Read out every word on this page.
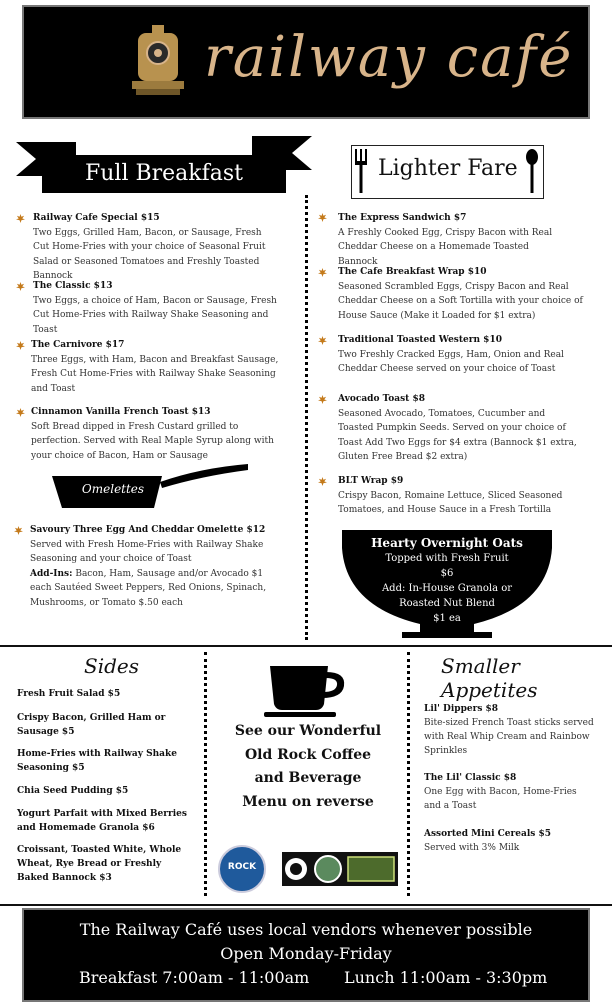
railway café
Full Breakfast	Lighter Fare
Railway Cafe Special $15
Two Eggs, Grilled Ham, Bacon, or Sausage, Fresh Cut Home-Fries with your choice of Seasonal Fruit Salad or Seasoned Tomatoes and Freshly Toasted Bannock
The Classic $13
Two Eggs, a choice of Ham, Bacon or Sausage, Fresh Cut Home-Fries with Railway Shake Seasoning and Toast
The Carnivore $17
Three Eggs, with Ham, Bacon and Breakfast Sausage, Fresh Cut Home-Fries with Railway Shake Seasoning and Toast
Cinnamon Vanilla French Toast $13
Soft Bread dipped in Fresh Custard grilled to perfection. Served with Real Maple Syrup along with your choice of Bacon, Ham or Sausage
Omelettes
Savoury Three Egg And Cheddar Omelette $12
Served with Fresh Home-Fries with Railway Shake Seasoning and your choice of Toast
Add-Ins: Bacon, Ham, Sausage and/or Avocado $1 each Sautéed Sweet Peppers, Red Onions, Spinach, Mushrooms, or Tomato $.50 each
The Express Sandwich $7
A Freshly Cooked Egg, Crispy Bacon with Real Cheddar Cheese on a Homemade Toasted Bannock
The Cafe Breakfast Wrap $10
Seasoned Scrambled Eggs, Crispy Bacon and Real Cheddar Cheese on a Soft Tortilla with your choice of House Sauce (Make it Loaded for $1 extra)
Traditional Toasted Western $10
Two Freshly Cracked Eggs, Ham, Onion and Real Cheddar Cheese served on your choice of Toast
Avocado Toast $8
Seasoned Avocado, Tomatoes, Cucumber and Toasted Pumpkin Seeds. Served on your choice of Toast Add Two Eggs for $4 extra (Bannock $1 extra, Gluten Free Bread $2 extra)
BLT Wrap $9
Crispy Bacon, Romaine Lettuce, Sliced Seasoned Tomatoes, and House Sauce in a Fresh Tortilla
Hearty Overnight Oats
Topped with Fresh Fruit
$6
Add: In-House Granola or Roasted Nut Blend
$1 ea
Sides
Fresh Fruit Salad $5
Crispy Bacon, Grilled Ham or Sausage $5
Home-Fries with Railway Shake Seasoning $5
Chia Seed Pudding $5
Yogurt Parfait with Mixed Berries and Homemade Granola $6
Croissant, Toasted White, Whole Wheat, Rye Bread or Freshly Baked Bannock $3
See our Wonderful Old Rock Coffee and Beverage Menu on reverse
ROCK
Smaller Appetites
Lil' Dippers $8
Bite-sized French Toast sticks served with Real Whip Cream and Rainbow Sprinkles
The Lil' Classic $8
One Egg with Bacon, Home-Fries and a Toast
Assorted Mini Cereals $5
Served with 3% Milk
The Railway Café uses local vendors whenever possible
Open Monday-Friday
Breakfast 7:00am - 11:00am Lunch 11:00am - 3:30pm
